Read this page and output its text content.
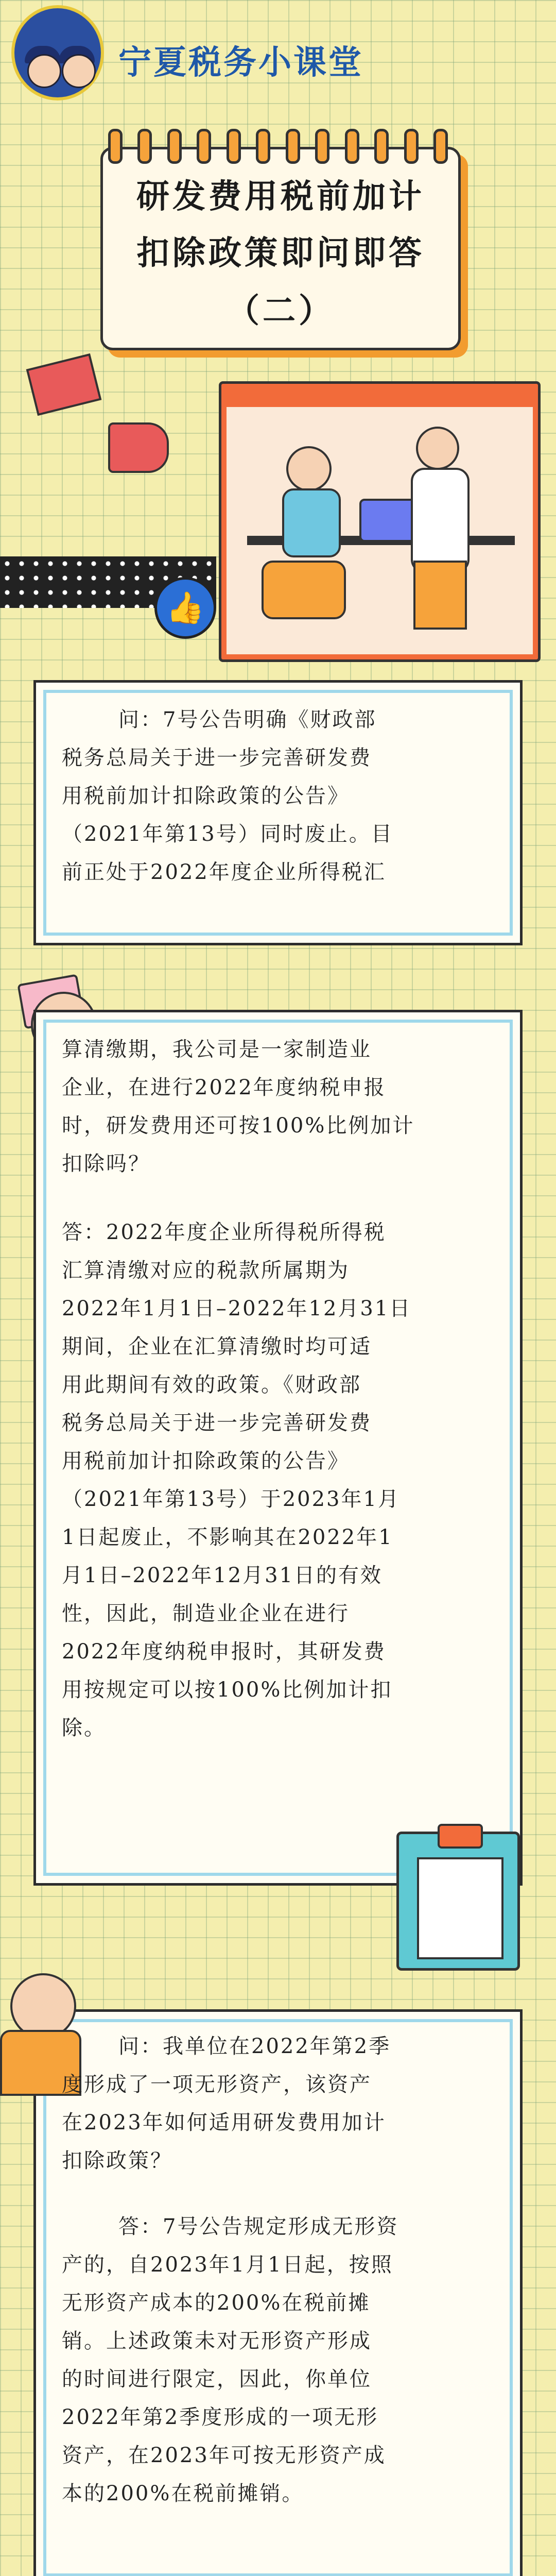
宁夏税务小课堂
研发费用税前加计
扣除政策即问即答
（二）
👍
问：7号公告明确《财政部
税务总局关于进一步完善研发费
用税前加计扣除政策的公告》
（2021年第13号）同时废止。目
前正处于2022年度企业所得税汇
算清缴期，我公司是一家制造业
企业，在进行2022年度纳税申报
时，研发费用还可按100%比例加计
扣除吗？
答：2022年度企业所得税所得税
汇算清缴对应的税款所属期为
2022年1月1日–2022年12月31日
期间，企业在汇算清缴时均可适
用此期间有效的政策。《财政部
税务总局关于进一步完善研发费
用税前加计扣除政策的公告》
（2021年第13号）于2023年1月
1日起废止，不影响其在2022年1
月1日–2022年12月31日的有效
性，因此，制造业企业在进行
2022年度纳税申报时，其研发费
用按规定可以按100%比例加计扣
除。
问：我单位在2022年第2季
度形成了一项无形资产，该资产
在2023年如何适用研发费用加计
扣除政策？
答：7号公告规定形成无形资
产的，自2023年1月1日起，按照
无形资产成本的200%在税前摊
销。上述政策未对无形资产形成
的时间进行限定，因此，你单位
2022年第2季度形成的一项无形
资产，在2023年可按无形资产成
本的200%在税前摊销。
